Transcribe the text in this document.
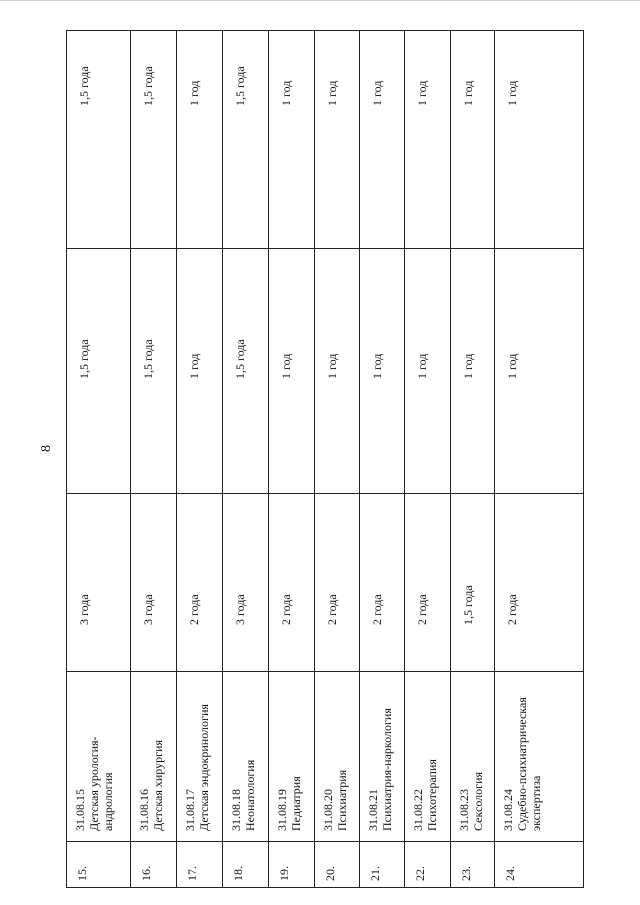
8
1,5 года
1,5 года
3 года
31.08.15 Детская урология- андрология
15.
1,5 года
1,5 года
3 года
31.08.16 Детская хирургия
16.
1 год
1 год
2 года
31.08.17 Детская эндокринология
17.
1,5 года
1,5 года
3 года
31.08.18 Неонатология
18.
1 год
1 год
2 года
31.08.19 Педиатрия
19.
1 год
1 год
2 года
31.08.20 Психиатрия
20.
1 год
1 год
2 года
31.08.21 Психиатрия-наркология
21.
1 год
1 год
2 года
31.08.22 Психотерапия
22.
1 год
1 год
1,5 года
31.08.23 Сексология
23.
1 год
1 год
2 года
31.08.24 Судебно-психиатрическая экспертиза
24.
